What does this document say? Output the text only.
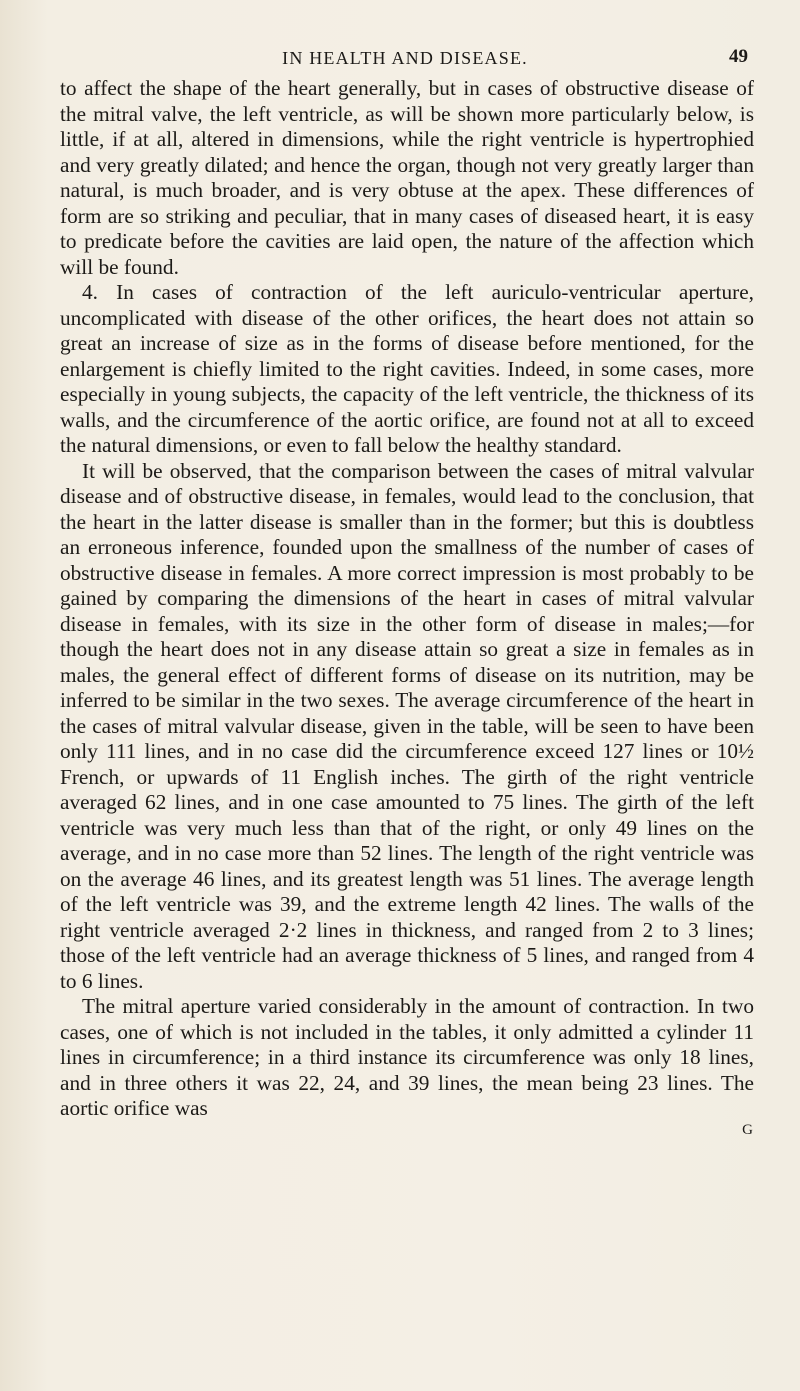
IN HEALTH AND DISEASE.	49

to affect the shape of the heart generally, but in cases of obstructive disease of the mitral valve, the left ventricle, as will be shown more particularly below, is little, if at all, altered in dimensions, while the right ventricle is hypertrophied and very greatly dilated; and hence the organ, though not very greatly larger than natural, is much broader, and is very obtuse at the apex. These differences of form are so striking and peculiar, that in many cases of diseased heart, it is easy to predicate before the cavities are laid open, the nature of the affection which will be found.

4. In cases of contraction of the left auriculo-ventricular aperture, uncomplicated with disease of the other orifices, the heart does not attain so great an increase of size as in the forms of disease before mentioned, for the enlargement is chiefly limited to the right cavities. Indeed, in some cases, more especially in young subjects, the capacity of the left ventricle, the thickness of its walls, and the circumference of the aortic orifice, are found not at all to exceed the natural dimensions, or even to fall below the healthy standard.

It will be observed, that the comparison between the cases of mitral valvular disease and of obstructive disease, in females, would lead to the conclusion, that the heart in the latter disease is smaller than in the former; but this is doubtless an erroneous inference, founded upon the smallness of the number of cases of obstructive disease in females. A more correct impression is most probably to be gained by comparing the dimensions of the heart in cases of mitral valvular disease in females, with its size in the other form of disease in males;—for though the heart does not in any disease attain so great a size in females as in males, the general effect of different forms of disease on its nutrition, may be inferred to be similar in the two sexes. The average circumference of the heart in the cases of mitral valvular disease, given in the table, will be seen to have been only 111 lines, and in no case did the circumference exceed 127 lines or 10½ French, or upwards of 11 English inches. The girth of the right ventricle averaged 62 lines, and in one case amounted to 75 lines. The girth of the left ventricle was very much less than that of the right, or only 49 lines on the average, and in no case more than 52 lines. The length of the right ventricle was on the average 46 lines, and its greatest length was 51 lines. The average length of the left ventricle was 39, and the extreme length 42 lines. The walls of the right ventricle averaged 2·2 lines in thickness, and ranged from 2 to 3 lines; those of the left ventricle had an average thickness of 5 lines, and ranged from 4 to 6 lines.

The mitral aperture varied considerably in the amount of contraction. In two cases, one of which is not included in the tables, it only admitted a cylinder 11 lines in circumference; in a third instance its circumference was only 18 lines, and in three others it was 22, 24, and 39 lines, the mean being 23 lines. The aortic orifice was

G
